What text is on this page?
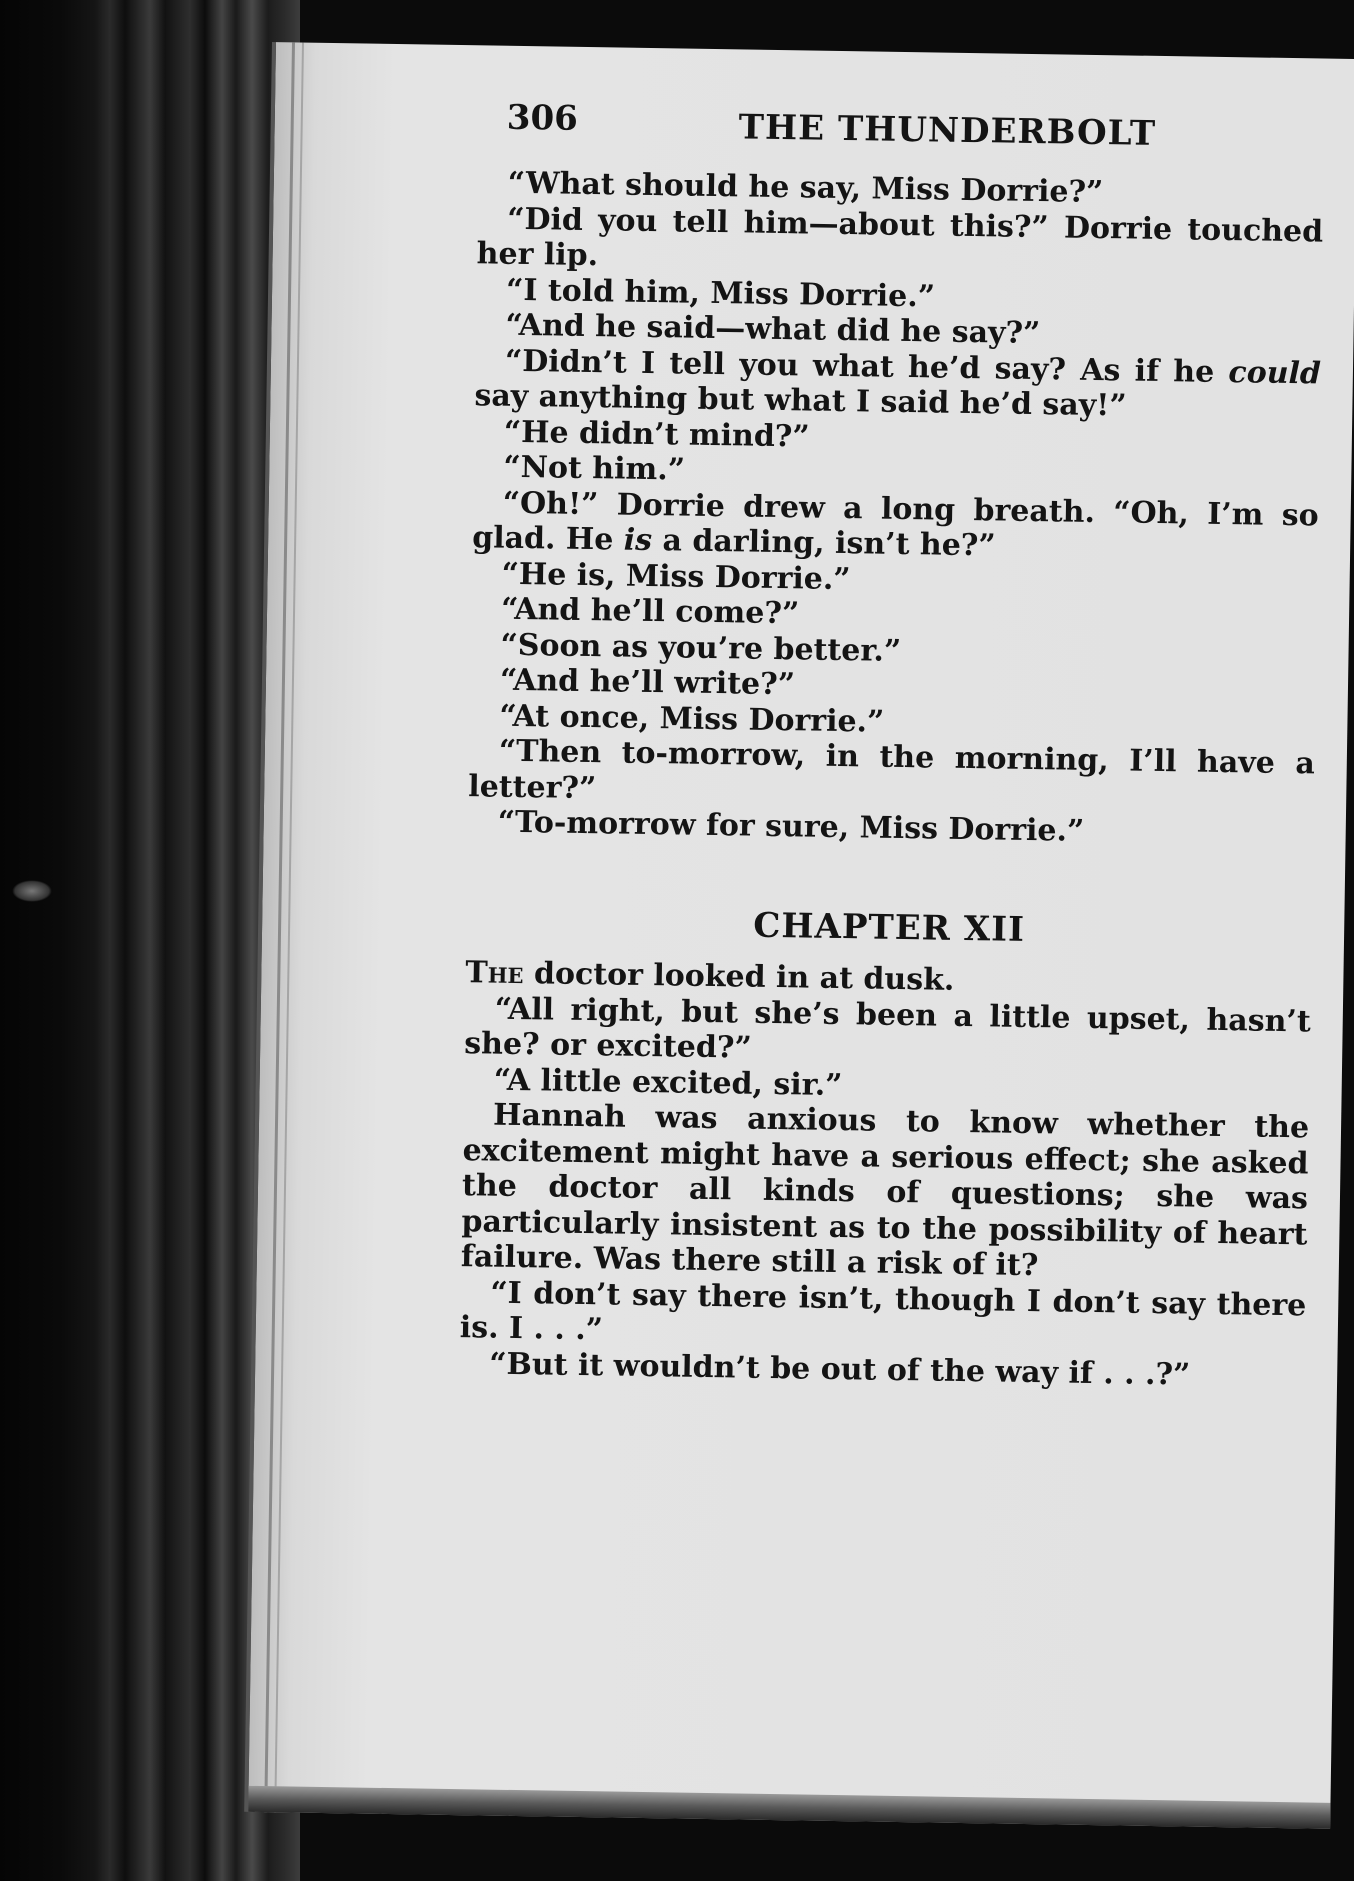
306	THE THUNDERBOLT

“What should he say, Miss Dorrie?”

“Did you tell him—about this?” Dorrie touched her lip.

“I told him, Miss Dorrie.”

“And he said—what did he say?”

“Didn’t I tell you what he’d say? As if he could say anything but what I said he’d say!”

“He didn’t mind?”

“Not him.”

“Oh!” Dorrie drew a long breath. “Oh, I’m so glad. He is a darling, isn’t he?”

“He is, Miss Dorrie.”

“And he’ll come?”

“Soon as you’re better.”

“And he’ll write?”

“At once, Miss Dorrie.”

“Then to-morrow, in the morning, I’ll have a letter?”

“To-morrow for sure, Miss Dorrie.”

CHAPTER XII

The doctor looked in at dusk.

“All right, but she’s been a little upset, hasn’t she? or excited?”

“A little excited, sir.”

Hannah was anxious to know whether the excitement might have a serious effect; she asked the doctor all kinds of questions; she was particularly insistent as to the possibility of heart failure. Was there still a risk of it?

“I don’t say there isn’t, though I don’t say there is. I . . .”

“But it wouldn’t be out of the way if . . .?”
